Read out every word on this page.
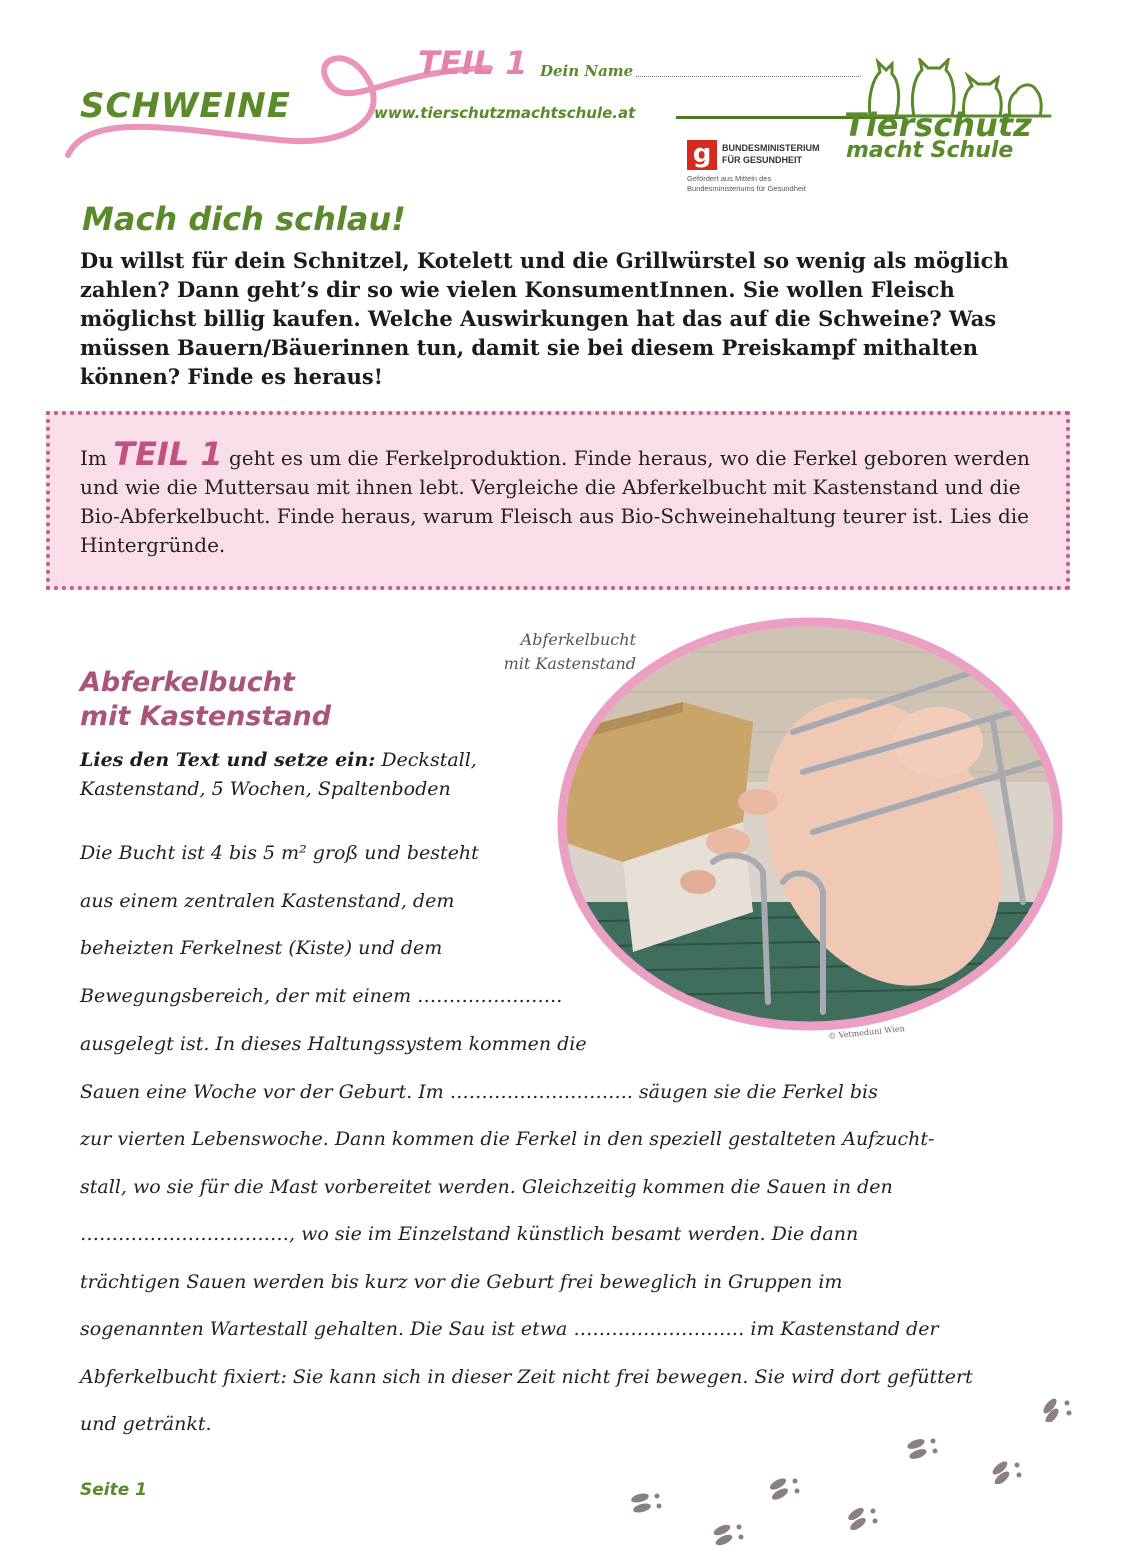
SCHWEINE
TEIL 1 Dein Name
www.tierschutzmachtschule.at
g	BUNDESMINISTERIUM
FÜR GESUNDHEIT
Gefördert aus Mitteln des
Bundesministeriums für Gesundheit
Tierschutz
macht Schule
Mach dich schlau!
Du willst für dein Schnitzel, Kotelett und die Grillwürstel so wenig als möglich zahlen? Dann geht’s dir so wie vielen KonsumentInnen. Sie wollen Fleisch möglichst billig kaufen. Welche Auswirkungen hat das auf die Schweine? Was müssen Bauern/Bäuerinnen tun, damit sie bei diesem Preiskampf mithalten können? Finde es heraus!
Im TEIL 1 geht es um die Ferkelproduktion. Finde heraus, wo die Ferkel geboren werden und wie die Muttersau mit ihnen lebt. Vergleiche die Abferkelbucht mit Kastenstand und die Bio-Abferkelbucht. Finde heraus, warum Fleisch aus Bio-Schweinehaltung teurer ist. Lies die Hintergründe.
Abferkelbucht
mit Kastenstand
Abferkelbucht
mit Kastenstand
Lies den Text und setze ein: Deckstall, Kastenstand, 5 Wochen, Spaltenboden
© Vetmeduni Wien
Die Bucht ist 4 bis 5 m² groß und besteht
aus einem zentralen Kastenstand, dem
beheizten Ferkelnest (Kiste) und dem
Bewegungsbereich, der mit einem …………………..
ausgelegt ist. In dieses Haltungssystem kommen die
Sauen eine Woche vor der Geburt. Im ……………………….. säugen sie die Ferkel bis
zur vierten Lebenswoche. Dann kommen die Ferkel in den speziell gestalteten Aufzucht-
stall, wo sie für die Mast vorbereitet werden. Gleichzeitig kommen die Sauen in den
……………………………, wo sie im Einzelstand künstlich besamt werden. Die dann
trächtigen Sauen werden bis kurz vor die Geburt frei beweglich in Gruppen im
sogenannten Wartestall gehalten. Die Sau ist etwa ……………………… im Kastenstand der
Abferkelbucht fixiert: Sie kann sich in dieser Zeit nicht frei bewegen. Sie wird dort gefüttert
und getränkt.
Seite 1
